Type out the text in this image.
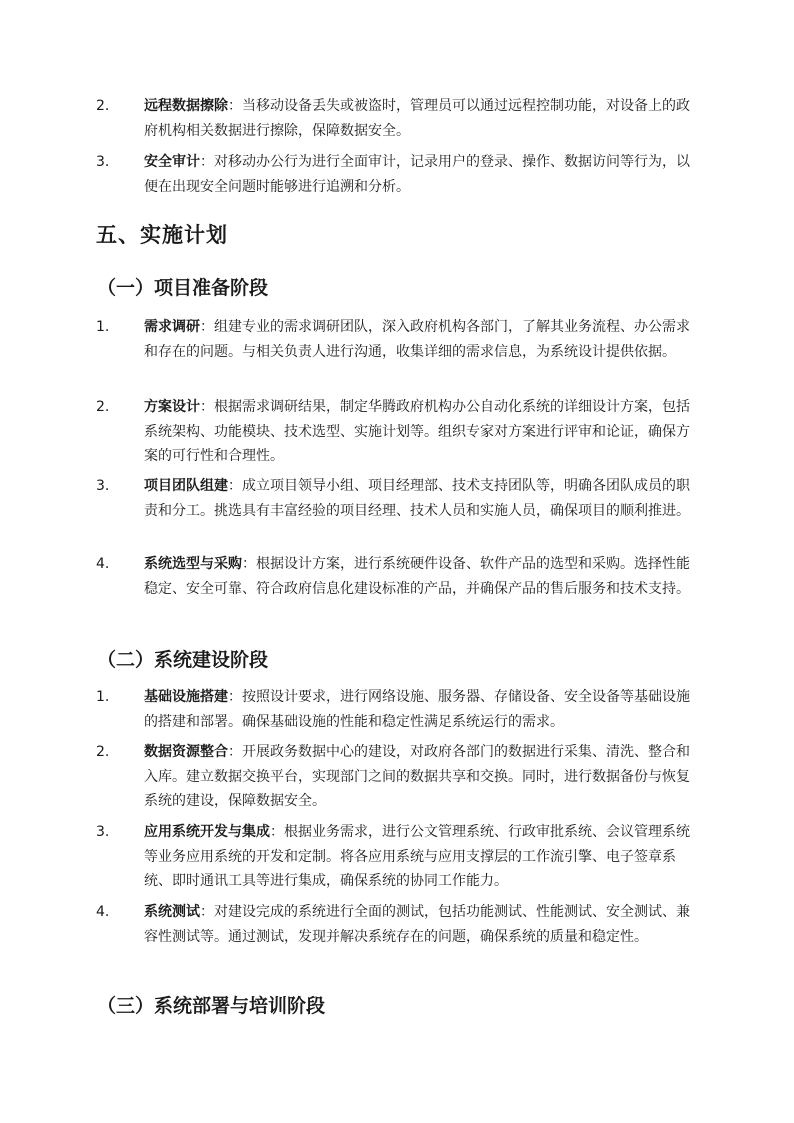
2.	远程数据擦除：当移动设备丢失或被盗时，管理员可以通过远程控制功能，对设备上的政府机构相关数据进行擦除，保障数据安全。
3.	安全审计：对移动办公行为进行全面审计，记录用户的登录、操作、数据访问等行为，以便在出现安全问题时能够进行追溯和分析。
五、实施计划
（一）项目准备阶段
1.	需求调研：组建专业的需求调研团队，深入政府机构各部门，了解其业务流程、办公需求和存在的问题。与相关负责人进行沟通，收集详细的需求信息，为系统设计提供依据。
2.	方案设计：根据需求调研结果，制定华腾政府机构办公自动化系统的详细设计方案，包括系统架构、功能模块、技术选型、实施计划等。组织专家对方案进行评审和论证，确保方案的可行性和合理性。
3.	项目团队组建：成立项目领导小组、项目经理部、技术支持团队等，明确各团队成员的职责和分工。挑选具有丰富经验的项目经理、技术人员和实施人员，确保项目的顺利推进。
4.	系统选型与采购：根据设计方案，进行系统硬件设备、软件产品的选型和采购。选择性能稳定、安全可靠、符合政府信息化建设标准的产品，并确保产品的售后服务和技术支持。
（二）系统建设阶段
1.	基础设施搭建：按照设计要求，进行网络设施、服务器、存储设备、安全设备等基础设施的搭建和部署。确保基础设施的性能和稳定性满足系统运行的需求。
2.	数据资源整合：开展政务数据中心的建设，对政府各部门的数据进行采集、清洗、整合和入库。建立数据交换平台，实现部门之间的数据共享和交换。同时，进行数据备份与恢复系统的建设，保障数据安全。
3.	应用系统开发与集成：根据业务需求，进行公文管理系统、行政审批系统、会议管理系统等业务应用系统的开发和定制。将各应用系统与应用支撑层的工作流引擎、电子签章系统、即时通讯工具等进行集成，确保系统的协同工作能力。
4.	系统测试：对建设完成的系统进行全面的测试，包括功能测试、性能测试、安全测试、兼容性测试等。通过测试，发现并解决系统存在的问题，确保系统的质量和稳定性。
（三）系统部署与培训阶段
